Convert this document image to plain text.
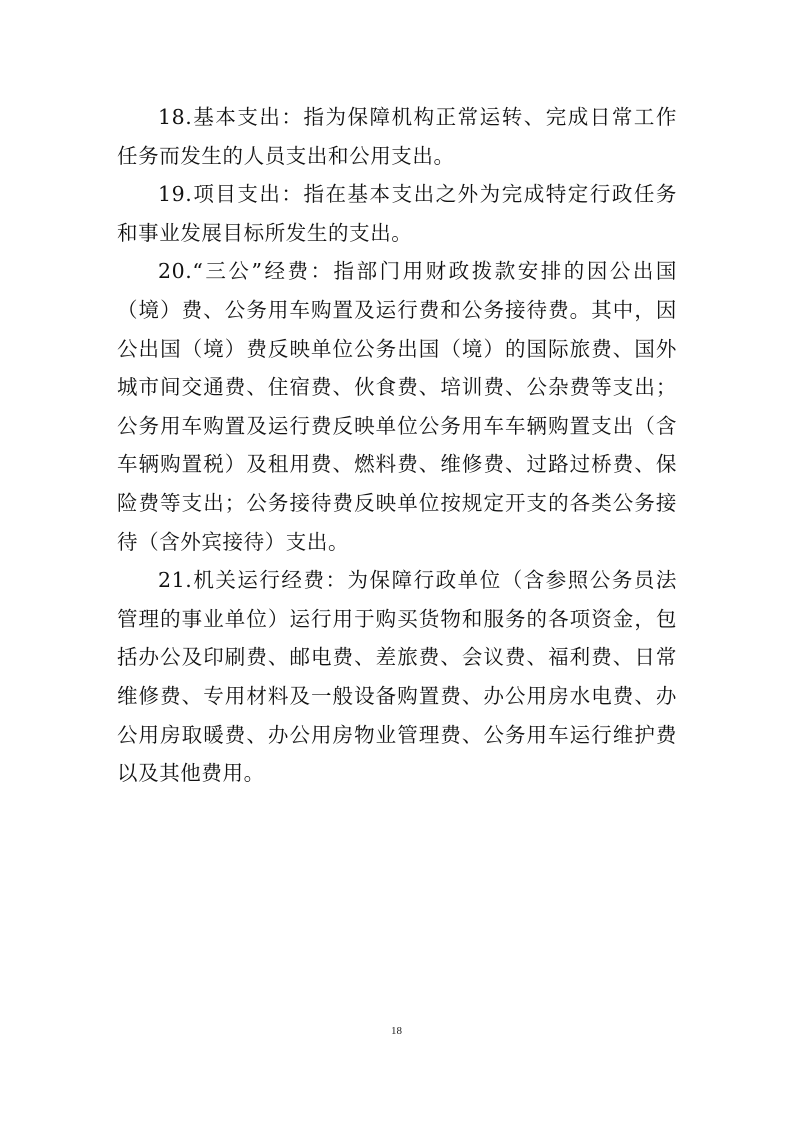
18.基本支出：指为保障机构正常运转、完成日常工作任务而发生的人员支出和公用支出。

19.项目支出：指在基本支出之外为完成特定行政任务和事业发展目标所发生的支出。

20.“三公”经费：指部门用财政拨款安排的因公出国（境）费、公务用车购置及运行费和公务接待费。其中，因公出国（境）费反映单位公务出国（境）的国际旅费、国外城市间交通费、住宿费、伙食费、培训费、公杂费等支出；公务用车购置及运行费反映单位公务用车车辆购置支出（含车辆购置税）及租用费、燃料费、维修费、过路过桥费、保险费等支出；公务接待费反映单位按规定开支的各类公务接待（含外宾接待）支出。

21.机关运行经费：为保障行政单位（含参照公务员法管理的事业单位）运行用于购买货物和服务的各项资金，包括办公及印刷费、邮电费、差旅费、会议费、福利费、日常维修费、专用材料及一般设备购置费、办公用房水电费、办公用房取暖费、办公用房物业管理费、公务用车运行维护费以及其他费用。

18
